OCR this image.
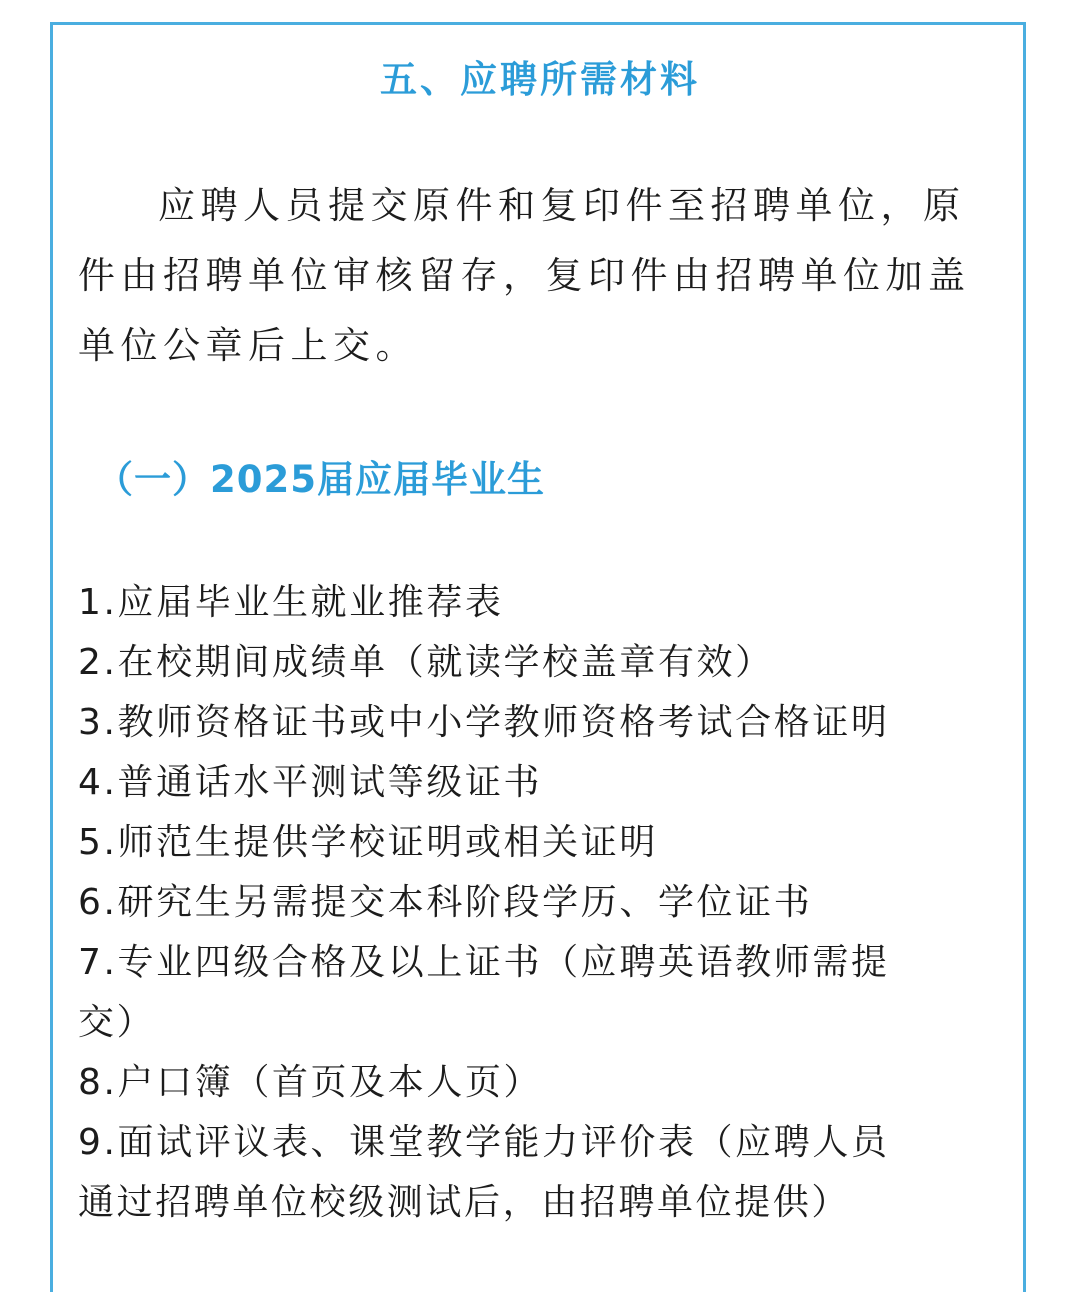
五、应聘所需材料

应聘人员提交原件和复印件至招聘单位，原
件由招聘单位审核留存，复印件由招聘单位加盖
单位公章后上交。

（一）2025届应届毕业生
1.应届毕业生就业推荐表
2.在校期间成绩单（就读学校盖章有效）
3.教师资格证书或中小学教师资格考试合格证明
4.普通话水平测试等级证书
5.师范生提供学校证明或相关证明
6.研究生另需提交本科阶段学历、学位证书
7.专业四级合格及以上证书（应聘英语教师需提
交）
8.户口簿（首页及本人页）
9.面试评议表、课堂教学能力评价表（应聘人员
通过招聘单位校级测试后，由招聘单位提供）
